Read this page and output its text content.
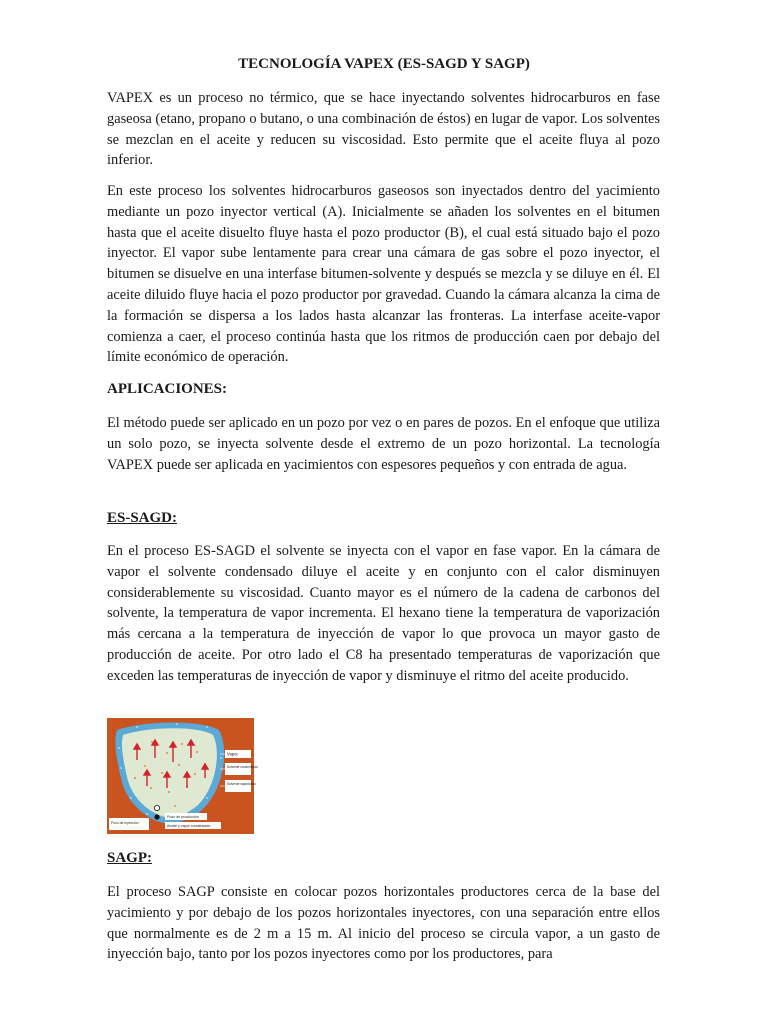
TECNOLOGÍA VAPEX (ES-SAGD Y SAGP)

VAPEX es un proceso no térmico, que se hace inyectando solventes hidrocarburos en fase gaseosa (etano, propano o butano, o una combinación de éstos) en lugar de vapor. Los solventes se mezclan en el aceite y reducen su viscosidad. Esto permite que el aceite fluya al pozo inferior.

En este proceso los solventes hidrocarburos gaseosos son inyectados dentro del yacimiento mediante un pozo inyector vertical (A). Inicialmente se añaden los solventes en el bitumen hasta que el aceite disuelto fluye hasta el pozo productor (B), el cual está situado bajo el pozo inyector. El vapor sube lentamente para crear una cámara de gas sobre el pozo inyector, el bitumen se disuelve en una interfase bitumen-solvente y después se mezcla y se diluye en él. El aceite diluido fluye hacia el pozo productor por gravedad. Cuando la cámara alcanza la cima de la formación se dispersa a los lados hasta alcanzar las fronteras. La interfase aceite-vapor comienza a caer, el proceso continúa hasta que los ritmos de producción caen por debajo del límite económico de operación.

APLICACIONES:

El método puede ser aplicado en un pozo por vez o en pares de pozos. En el enfoque que utiliza un solo pozo, se inyecta solvente desde el extremo de un pozo horizontal. La tecnología VAPEX puede ser aplicada en yacimientos con espesores pequeños y con entrada de agua.

ES-SAGD:

En el proceso ES-SAGD el solvente se inyecta con el vapor en fase vapor. En la cámara de vapor el solvente condensado diluye el aceite y en conjunto con el calor disminuyen considerablemente su viscosidad. Cuanto mayor es el número de la cadena de carbonos del solvente, la temperatura de vapor incrementa. El hexano tiene la temperatura de vaporización más cercana a la temperatura de inyección de vapor lo que provoca un mayor gasto de producción de aceite. Por otro lado el C8 ha presentado temperaturas de vaporización que exceden las temperaturas de inyección de vapor y disminuye el ritmo del aceite producido.

Vapor
Solvente condensado
Solvente vaporizado
Pozo de inyección
Pozo de producción
Aceite y vapor condensado
SAGP:

El proceso SAGP consiste en colocar pozos horizontales productores cerca de la base del yacimiento y por debajo de los pozos horizontales inyectores, con una separación entre ellos que normalmente es de 2 m a 15 m. Al inicio del proceso se circula vapor, a un gasto de inyección bajo, tanto por los pozos inyectores como por los productores, para
